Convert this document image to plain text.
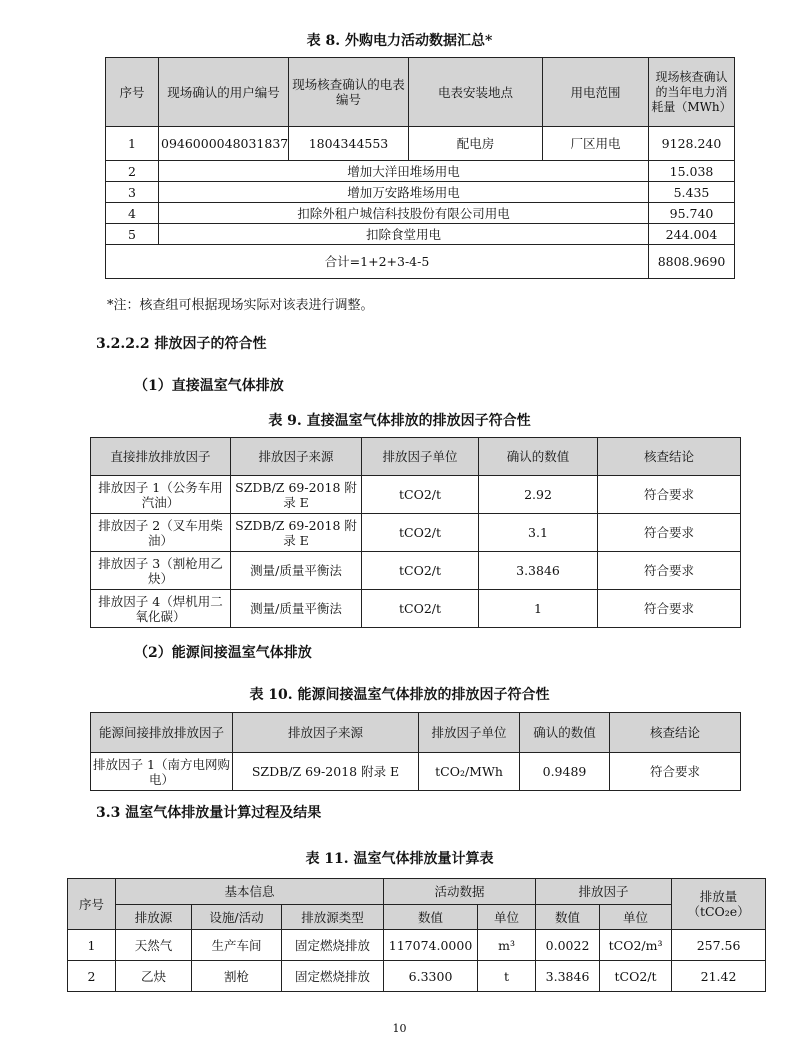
表 8. 外购电力活动数据汇总*
序号	现场确认的用户编号	现场核查确认的电表编号	电表安装地点	用电范围	现场核查确认的当年电力消耗量（MWh）
1	0946000048031837	1804344553	配电房	厂区用电	9128.240
2	增加大洋田堆场用电				15.038
3	增加万安路堆场用电				5.435
4	扣除外租户城信科技股份有限公司用电				95.740
5	扣除食堂用电				244.004
合计=1+2+3-4-5					8808.9690
*注：核查组可根据现场实际对该表进行调整。
3.2.2.2 排放因子的符合性
（1）直接温室气体排放
表 9. 直接温室气体排放的排放因子符合性
直接排放排放因子	排放因子来源	排放因子单位	确认的数值	核查结论
排放因子 1（公务车用汽油）	SZDB/Z 69-2018 附录 E	tCO2/t	2.92	符合要求
排放因子 2（叉车用柴油）	SZDB/Z 69-2018 附录 E	tCO2/t	3.1	符合要求
排放因子 3（割枪用乙炔）	测量/质量平衡法	tCO2/t	3.3846	符合要求
排放因子 4（焊机用二氧化碳）	测量/质量平衡法	tCO2/t	1	符合要求
（2）能源间接温室气体排放
表 10. 能源间接温室气体排放的排放因子符合性
能源间接排放排放因子	排放因子来源	排放因子单位	确认的数值	核查结论
排放因子 1（南方电网购电）	SZDB/Z 69-2018 附录 E	tCO₂/MWh	0.9489	符合要求
3.3 温室气体排放量计算过程及结果
表 11. 温室气体排放量计算表
序号	基本信息			活动数据		排放因子		排放量（tCO₂e）
	排放源	设施/活动	排放源类型	数值	单位	数值	单位	
1	天然气	生产车间	固定燃烧排放	117074.0000	m³	0.0022	tCO2/m³	257.56
2	乙炔	割枪	固定燃烧排放	6.3300	t	3.3846	tCO2/t	21.42
10
